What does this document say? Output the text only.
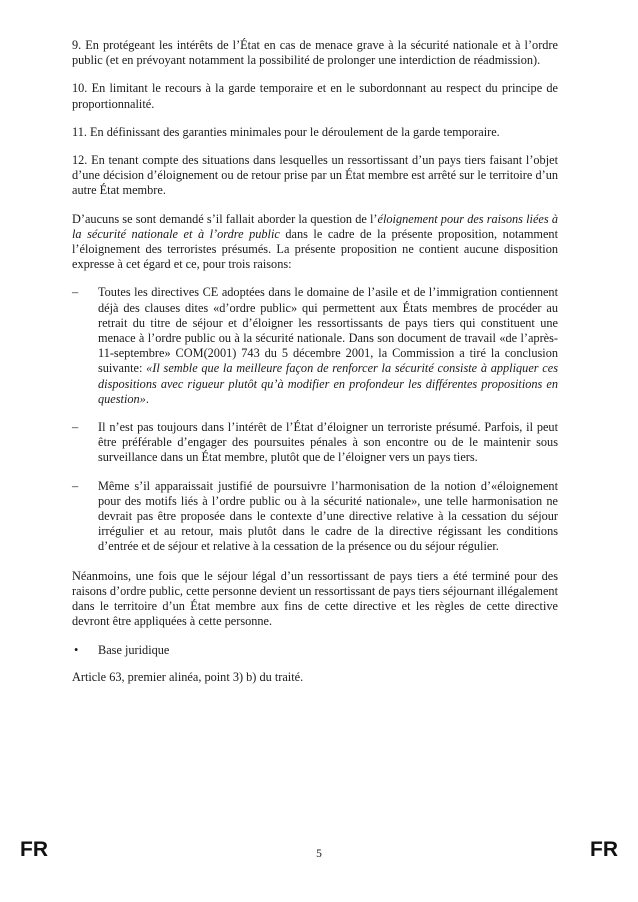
9. En protégeant les intérêts de l’État en cas de menace grave à la sécurité nationale et à l’ordre public (et en prévoyant notamment la possibilité de prolonger une interdiction de réadmission).

10. En limitant le recours à la garde temporaire et en le subordonnant au respect du principe de proportionnalité.

11. En définissant des garanties minimales pour le déroulement de la garde temporaire.

12. En tenant compte des situations dans lesquelles un ressortissant d’un pays tiers faisant l’objet d’une décision d’éloignement ou de retour prise par un État membre est arrêté sur le territoire d’un autre État membre.

D’aucuns se sont demandé s’il fallait aborder la question de l’éloignement pour des raisons liées à la sécurité nationale et à l’ordre public dans le cadre de la présente proposition, notamment l’éloignement des terroristes présumés. La présente proposition ne contient aucune disposition expresse à cet égard et ce, pour trois raisons:

– Toutes les directives CE adoptées dans le domaine de l’asile et de l’immigration contiennent déjà des clauses dites «d’ordre public» qui permettent aux États membres de procéder au retrait du titre de séjour et d’éloigner les ressortissants de pays tiers qui constituent une menace à l’ordre public ou à la sécurité nationale. Dans son document de travail «de l’après-11-septembre» COM(2001) 743 du 5 décembre 2001, la Commission a tiré la conclusion suivante: «Il semble que la meilleure façon de renforcer la sécurité consiste à appliquer ces dispositions avec rigueur plutôt qu’à modifier en profondeur les différentes propositions en question».
– Il n’est pas toujours dans l’intérêt de l’État d’éloigner un terroriste présumé. Parfois, il peut être préférable d’engager des poursuites pénales à son encontre ou de le maintenir sous surveillance dans un État membre, plutôt que de l’éloigner vers un pays tiers.
– Même s’il apparaissait justifié de poursuivre l’harmonisation de la notion d’«éloignement pour des motifs liés à l’ordre public ou à la sécurité nationale», une telle harmonisation ne devrait pas être proposée dans le contexte d’une directive relative à la cessation du séjour irrégulier et au retour, mais plutôt dans le cadre de la directive régissant les conditions d’entrée et de séjour et relative à la cessation de la présence ou du séjour régulier.

Néanmoins, une fois que le séjour légal d’un ressortissant de pays tiers a été terminé pour des raisons d’ordre public, cette personne devient un ressortissant de pays tiers séjournant illégalement dans le territoire d’un État membre aux fins de cette directive et les règles de cette directive devront être appliquées à cette personne.

• Base juridique

Article 63, premier alinéa, point 3) b) du traité.

FR	5	FR
